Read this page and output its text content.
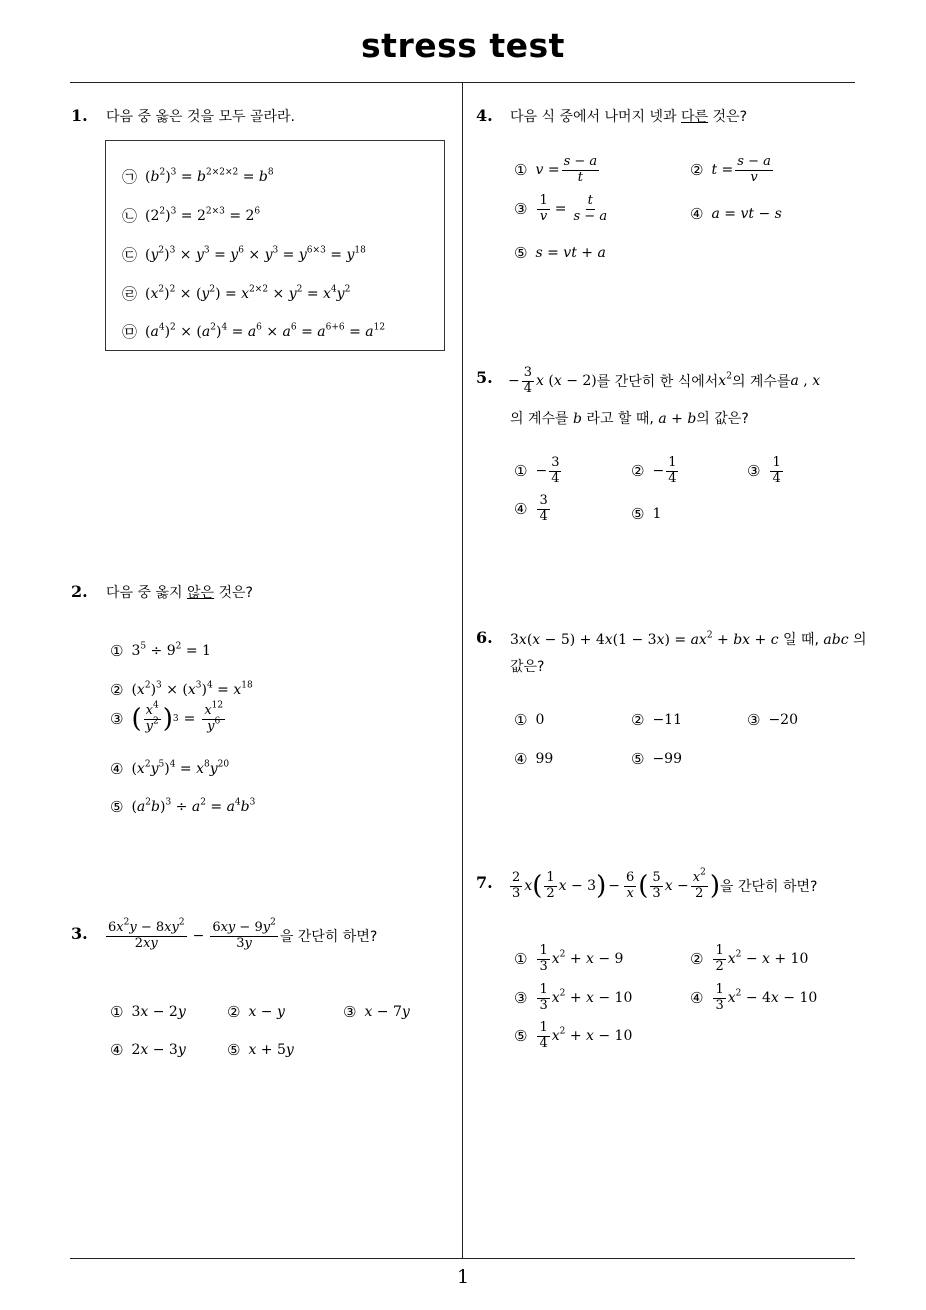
stress test
1
1. 다음 중 옳은 것을 모두 골라라.
㉠ $(b^2)^3 = b^{2\times 2\times 2} = b^8$
㉡ $(2^2)^3 = 2^{2\times 3} = 2^6$
㉢ $(y^2)^3 \times y^3 = y^6 \times y^3 = y^{6\times 3} = y^{18}$
㉣ $(x^2)^2 \times (y^2) = x^{2\times 2} \times y^2 = x^4y^2$
㉤ $(a^4)^2 \times (a^2)^4 = a^6 \times a^6 = a^{6+6} = a^{12}$
2. 다음 중 옳지 않은 것은?
① $3^5 \div 9^2 = 1$
② $(x^2)^3 \times (x^3)^4 = x^{18}$
③ ( $\frac{x^4}{y^2}$ ) $3 = \frac{x^{12}}{y^6}$
④ $(x^2y^5)^4 = x^8y^{20}$
⑤ $(a^2b)^3 \div a^2 = a^4b^3$
3. $\frac{6x^2y - 8xy^2}{2xy} - \frac{6xy - 9y^2}{3y}$ 을 간단히 하면?
① 3x − 2y	② x − y	③ x − 7y
④ 2x − 3y	⑤ x + 5y
4. 다음 식 중에서 나머지 넷과 다른 것은?
① $v = \frac{s - a}{t}$	② $t = \frac{s - a}{v}$
③ $\frac{1}{v} = \frac{t}{s - a}$	④ a = vt − s
⑤ s = vt + a
5. − $\frac{3}{4}$ x (x − 2) 를 간단히 한 식에서 $x^2$ 의 계수를 a , x
의 계수를 b 라고 할 때, a + b의 값은?
① − $\frac{3}{4}$	② − $\frac{1}{4}$	③ $\frac{1}{4}$
④ $\frac{3}{4}$	⑤ 1
6. $3x(x - 5) + 4x(1 - 3x) = ax^2$ + bx + c 일 때, abc 의
값은?
① 0	② −11	③ −20
④ 99	⑤ −99
7. $\frac{2}{3}$ x ( $\frac{1}{2}$ x − 3 ) − $\frac{6}{x}$ ( $\frac{5}{3}$ $x - \frac{x^2}{2}$ ) 을 간단히 하면?
① $\frac{1}{3} x^2 + x - 9$	② $\frac{1}{2} x^2 - x + 10$
③ $\frac{1}{3} x^2 + x - 10$	④ $\frac{1}{3} x^2 - 4x - 10$
⑤ $\frac{1}{4} x^2 + x - 10$
